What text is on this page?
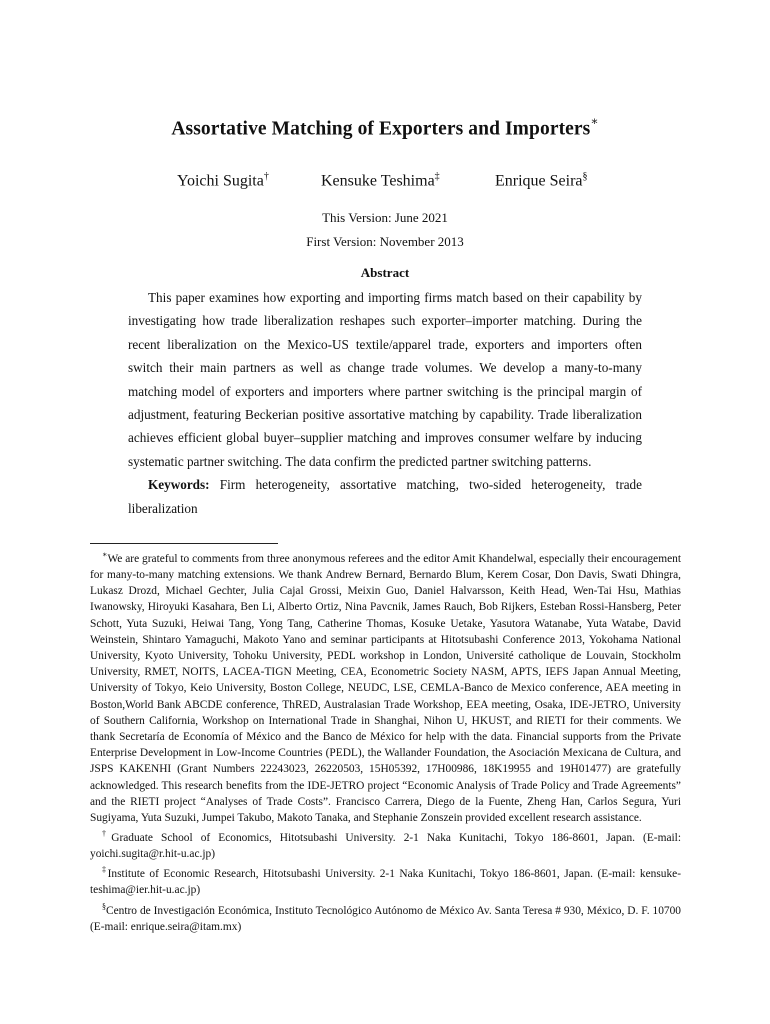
Assortative Matching of Exporters and Importers∗
Yoichi Sugita†	Kensuke Teshima‡	Enrique Seira§
This Version: June 2021
First Version: November 2013
Abstract

This paper examines how exporting and importing firms match based on their capability by investigating how trade liberalization reshapes such exporter–importer matching. During the recent liberalization on the Mexico-US textile/apparel trade, exporters and importers often switch their main partners as well as change trade volumes. We develop a many-to-many matching model of exporters and importers where partner switching is the principal margin of adjustment, featuring Beckerian positive assortative matching by capability. Trade liberalization achieves efficient global buyer–supplier matching and improves consumer welfare by inducing systematic partner switching. The data confirm the predicted partner switching patterns.

Keywords: Firm heterogeneity, assortative matching, two-sided heterogeneity, trade liberalization

∗We are grateful to comments from three anonymous referees and the editor Amit Khandelwal, especially their encouragement for many-to-many matching extensions. We thank Andrew Bernard, Bernardo Blum, Kerem Cosar, Don Davis, Swati Dhingra, Lukasz Drozd, Michael Gechter, Julia Cajal Grossi, Meixin Guo, Daniel Halvarsson, Keith Head, Wen-Tai Hsu, Mathias Iwanowsky, Hiroyuki Kasahara, Ben Li, Alberto Ortiz, Nina Pavcnik, James Rauch, Bob Rijkers, Esteban Rossi-Hansberg, Peter Schott, Yuta Suzuki, Heiwai Tang, Yong Tang, Catherine Thomas, Kosuke Uetake, Yasutora Watanabe, Yuta Watabe, David Weinstein, Shintaro Yamaguchi, Makoto Yano and seminar participants at Hitotsubashi Conference 2013, Yokohama National University, Kyoto University, Tohoku University, PEDL workshop in London, Université catholique de Louvain, Stockholm University, RMET, NOITS, LACEA-TIGN Meeting, CEA, Econometric Society NASM, APTS, IEFS Japan Annual Meeting, University of Tokyo, Keio University, Boston College, NEUDC, LSE, CEMLA-Banco de Mexico conference, AEA meeting in Boston,World Bank ABCDE conference, ThRED, Australasian Trade Workshop, EEA meeting, Osaka, IDE-JETRO, University of Southern California, Workshop on International Trade in Shanghai, Nihon U, HKUST, and RIETI for their comments. We thank Secretaría de Economía of México and the Banco de México for help with the data. Financial supports from the Private Enterprise Development in Low-Income Countries (PEDL), the Wallander Foundation, the Asociación Mexicana de Cultura, and JSPS KAKENHI (Grant Numbers 22243023, 26220503, 15H05392, 17H00986, 18K19955 and 19H01477) are gratefully acknowledged. This research benefits from the IDE-JETRO project “Economic Analysis of Trade Policy and Trade Agreements” and the RIETI project “Analyses of Trade Costs”. Francisco Carrera, Diego de la Fuente, Zheng Han, Carlos Segura, Yuri Sugiyama, Yuta Suzuki, Jumpei Takubo, Makoto Tanaka, and Stephanie Zonszein provided excellent research assistance.

†Graduate School of Economics, Hitotsubashi University. 2-1 Naka Kunitachi, Tokyo 186-8601, Japan. (E-mail: yoichi.sugita@r.hit-u.ac.jp)

‡Institute of Economic Research, Hitotsubashi University. 2-1 Naka Kunitachi, Tokyo 186-8601, Japan. (E-mail: kensuke-teshima@ier.hit-u.ac.jp)

§Centro de Investigación Económica, Instituto Tecnológico Autónomo de México Av. Santa Teresa # 930, México, D. F. 10700 (E-mail: enrique.seira@itam.mx)
